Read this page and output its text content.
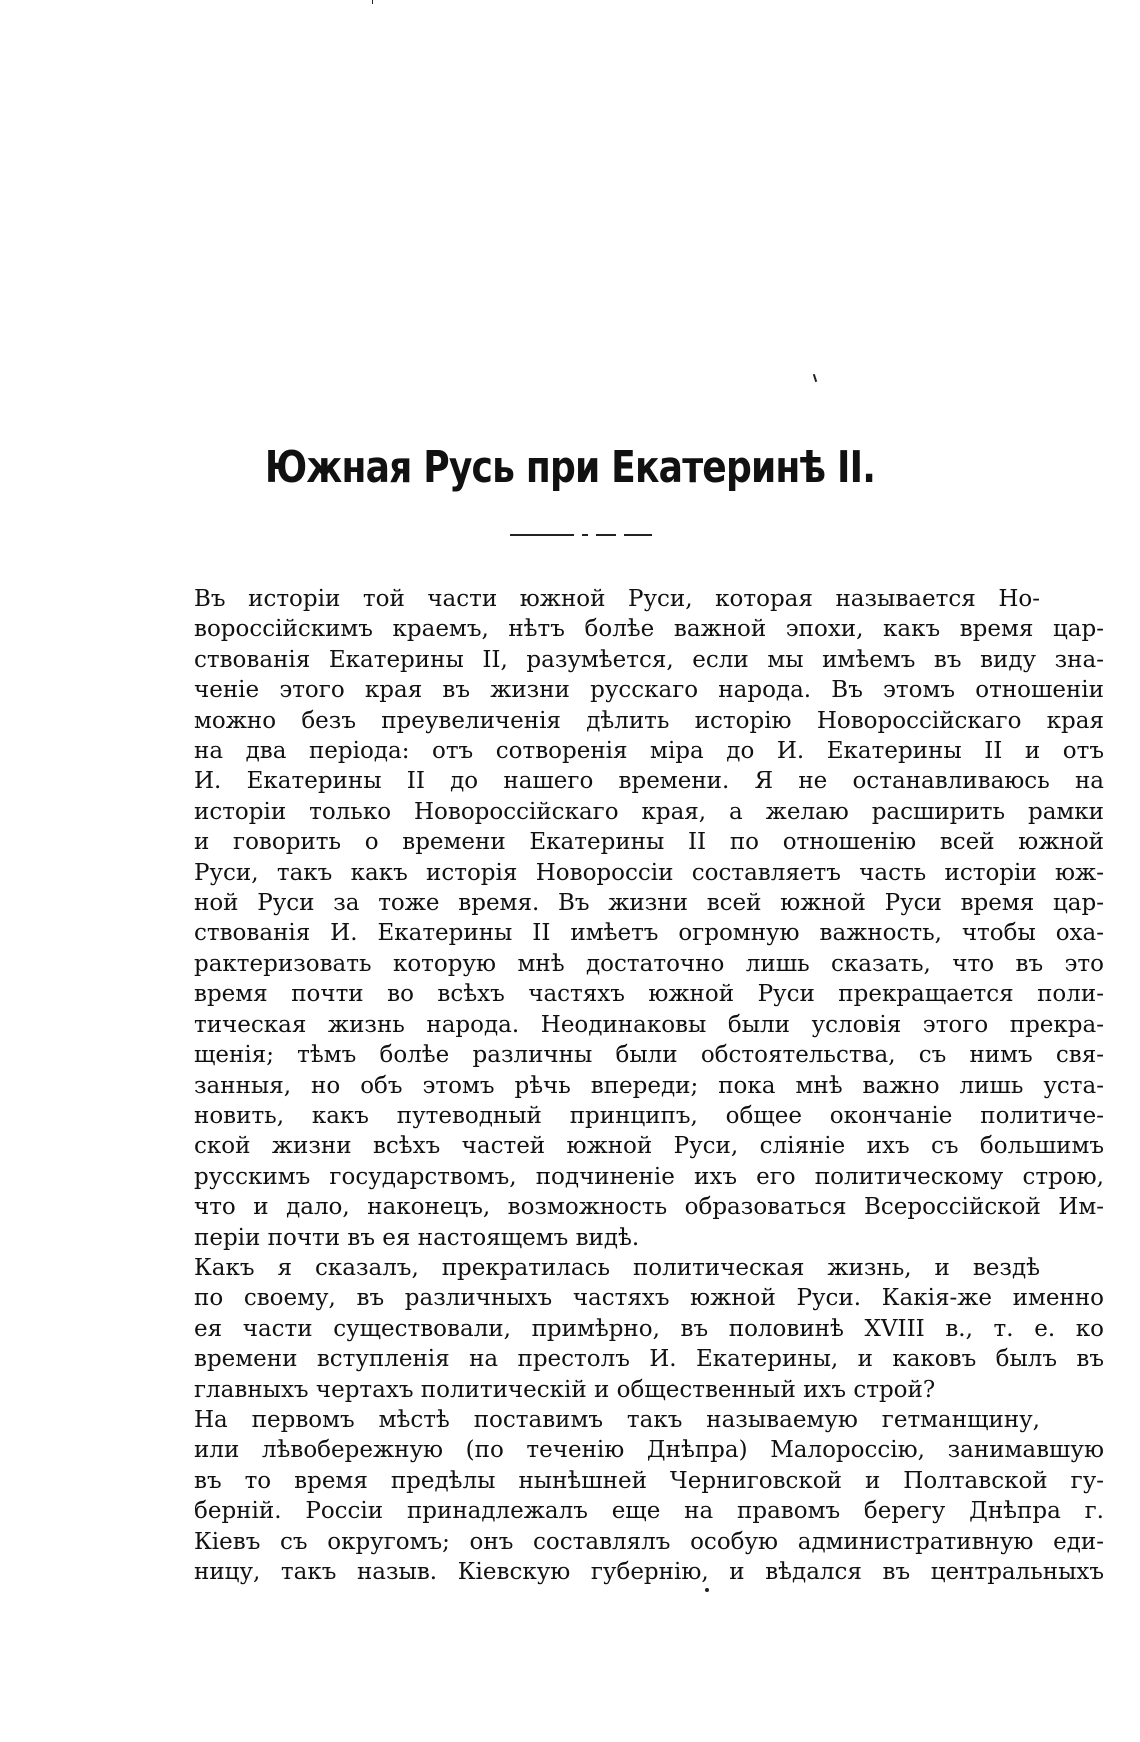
Южная Русь при Екатеринѣ II.

Въ исторіи той части южной Руси, которая называется Но-
вороссійскимъ краемъ, нѣтъ болѣе важной эпохи, какъ время цар-
ствованія Екатерины II, разумѣется, если мы имѣемъ въ виду зна-
ченіе этого края въ жизни русскаго народа. Въ этомъ отношеніи
можно безъ преувеличенія дѣлить исторію Новороссійскаго края
на два періода: отъ сотворенія міра до И. Екатерины II и отъ
И. Екатерины II до нашего времени. Я не останавливаюсь на
исторіи только Новороссійскаго края, а желаю расширить рамки
и говорить о времени Екатерины II по отношенію всей южной
Руси, такъ какъ исторія Новороссіи составляетъ часть исторіи юж-
ной Руси за тоже время. Въ жизни всей южной Руси время цар-
ствованія И. Екатерины II имѣетъ огромную важность, чтобы оха-
рактеризовать которую мнѣ достаточно лишь сказать, что въ это
время почти во всѣхъ частяхъ южной Руси прекращается поли-
тическая жизнь народа. Неодинаковы были условія этого прекра-
щенія; тѣмъ болѣе различны были обстоятельства, съ нимъ свя-
занныя, но объ этомъ рѣчь впереди; пока мнѣ важно лишь уста-
новить, какъ путеводный принципъ, общее окончаніе политиче-
ской жизни всѣхъ частей южной Руси, сліяніе ихъ съ большимъ
русскимъ государствомъ, подчиненіе ихъ его политическому строю,
что и дало, наконецъ, возможность образоваться Всероссійской Им-
періи почти въ ея настоящемъ видѣ.

Какъ я сказалъ, прекратилась политическая жизнь, и вездѣ
по своему, въ различныхъ частяхъ южной Руси. Какія-же именно
ея части существовали, примѣрно, въ половинѣ XVIII в., т. е. ко
времени вступленія на престолъ И. Екатерины, и каковъ былъ въ
главныхъ чертахъ политическій и общественный ихъ строй?

На первомъ мѣстѣ поставимъ такъ называемую гетманщину,
или лѣвобережную (по теченію Днѣпра) Малороссію, занимавшую
въ то время предѣлы нынѣшней Черниговской и Полтавской гу-
берній. Россіи принадлежалъ еще на правомъ берегу Днѣпра г.
Кіевъ съ округомъ; онъ составлялъ особую административную еди-
ницу, такъ назыв. Кіевскую губернію, и вѣдался въ центральныхъ
